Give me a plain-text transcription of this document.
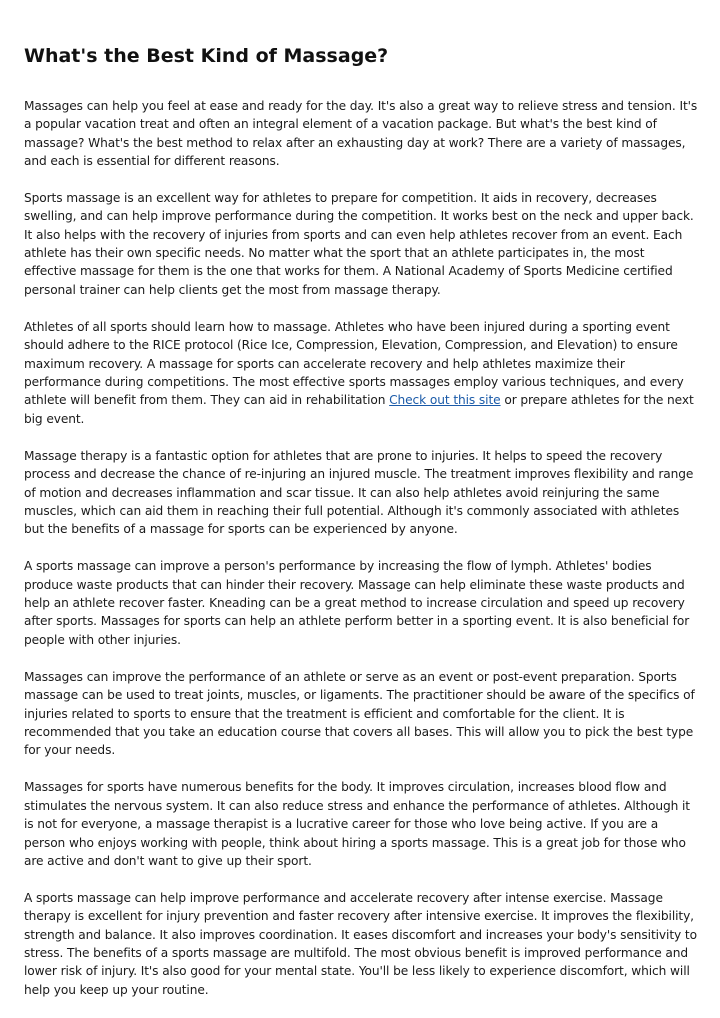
What's the Best Kind of Massage?

Massages can help you feel at ease and ready for the day. It's also a great way to relieve stress and tension. It's a popular vacation treat and often an integral element of a vacation package. But what's the best kind of massage? What's the best method to relax after an exhausting day at work? There are a variety of massages, and each is essential for different reasons.

Sports massage is an excellent way for athletes to prepare for competition. It aids in recovery, decreases swelling, and can help improve performance during the competition. It works best on the neck and upper back. It also helps with the recovery of injuries from sports and can even help athletes recover from an event. Each athlete has their own specific needs. No matter what the sport that an athlete participates in, the most effective massage for them is the one that works for them. A National Academy of Sports Medicine certified personal trainer can help clients get the most from massage therapy.

Athletes of all sports should learn how to massage. Athletes who have been injured during a sporting event should adhere to the RICE protocol (Rice Ice, Compression, Elevation, Compression, and Elevation) to ensure maximum recovery. A massage for sports can accelerate recovery and help athletes maximize their performance during competitions. The most effective sports massages employ various techniques, and every athlete will benefit from them. They can aid in rehabilitation Check out this site or prepare athletes for the next big event.

Massage therapy is a fantastic option for athletes that are prone to injuries. It helps to speed the recovery process and decrease the chance of re-injuring an injured muscle. The treatment improves flexibility and range of motion and decreases inflammation and scar tissue. It can also help athletes avoid reinjuring the same muscles, which can aid them in reaching their full potential. Although it's commonly associated with athletes but the benefits of a massage for sports can be experienced by anyone.

A sports massage can improve a person's performance by increasing the flow of lymph. Athletes' bodies produce waste products that can hinder their recovery. Massage can help eliminate these waste products and help an athlete recover faster. Kneading can be a great method to increase circulation and speed up recovery after sports. Massages for sports can help an athlete perform better in a sporting event. It is also beneficial for people with other injuries.

Massages can improve the performance of an athlete or serve as an event or post-event preparation. Sports massage can be used to treat joints, muscles, or ligaments. The practitioner should be aware of the specifics of injuries related to sports to ensure that the treatment is efficient and comfortable for the client. It is recommended that you take an education course that covers all bases. This will allow you to pick the best type for your needs.

Massages for sports have numerous benefits for the body. It improves circulation, increases blood flow and stimulates the nervous system. It can also reduce stress and enhance the performance of athletes. Although it is not for everyone, a massage therapist is a lucrative career for those who love being active. If you are a person who enjoys working with people, think about hiring a sports massage. This is a great job for those who are active and don't want to give up their sport.

A sports massage can help improve performance and accelerate recovery after intense exercise. Massage therapy is excellent for injury prevention and faster recovery after intensive exercise. It improves the flexibility, strength and balance. It also improves coordination. It eases discomfort and increases your body's sensitivity to stress. The benefits of a sports massage are multifold. The most obvious benefit is improved performance and lower risk of injury. It's also good for your mental state. You'll be less likely to experience discomfort, which will help you keep up your routine.
